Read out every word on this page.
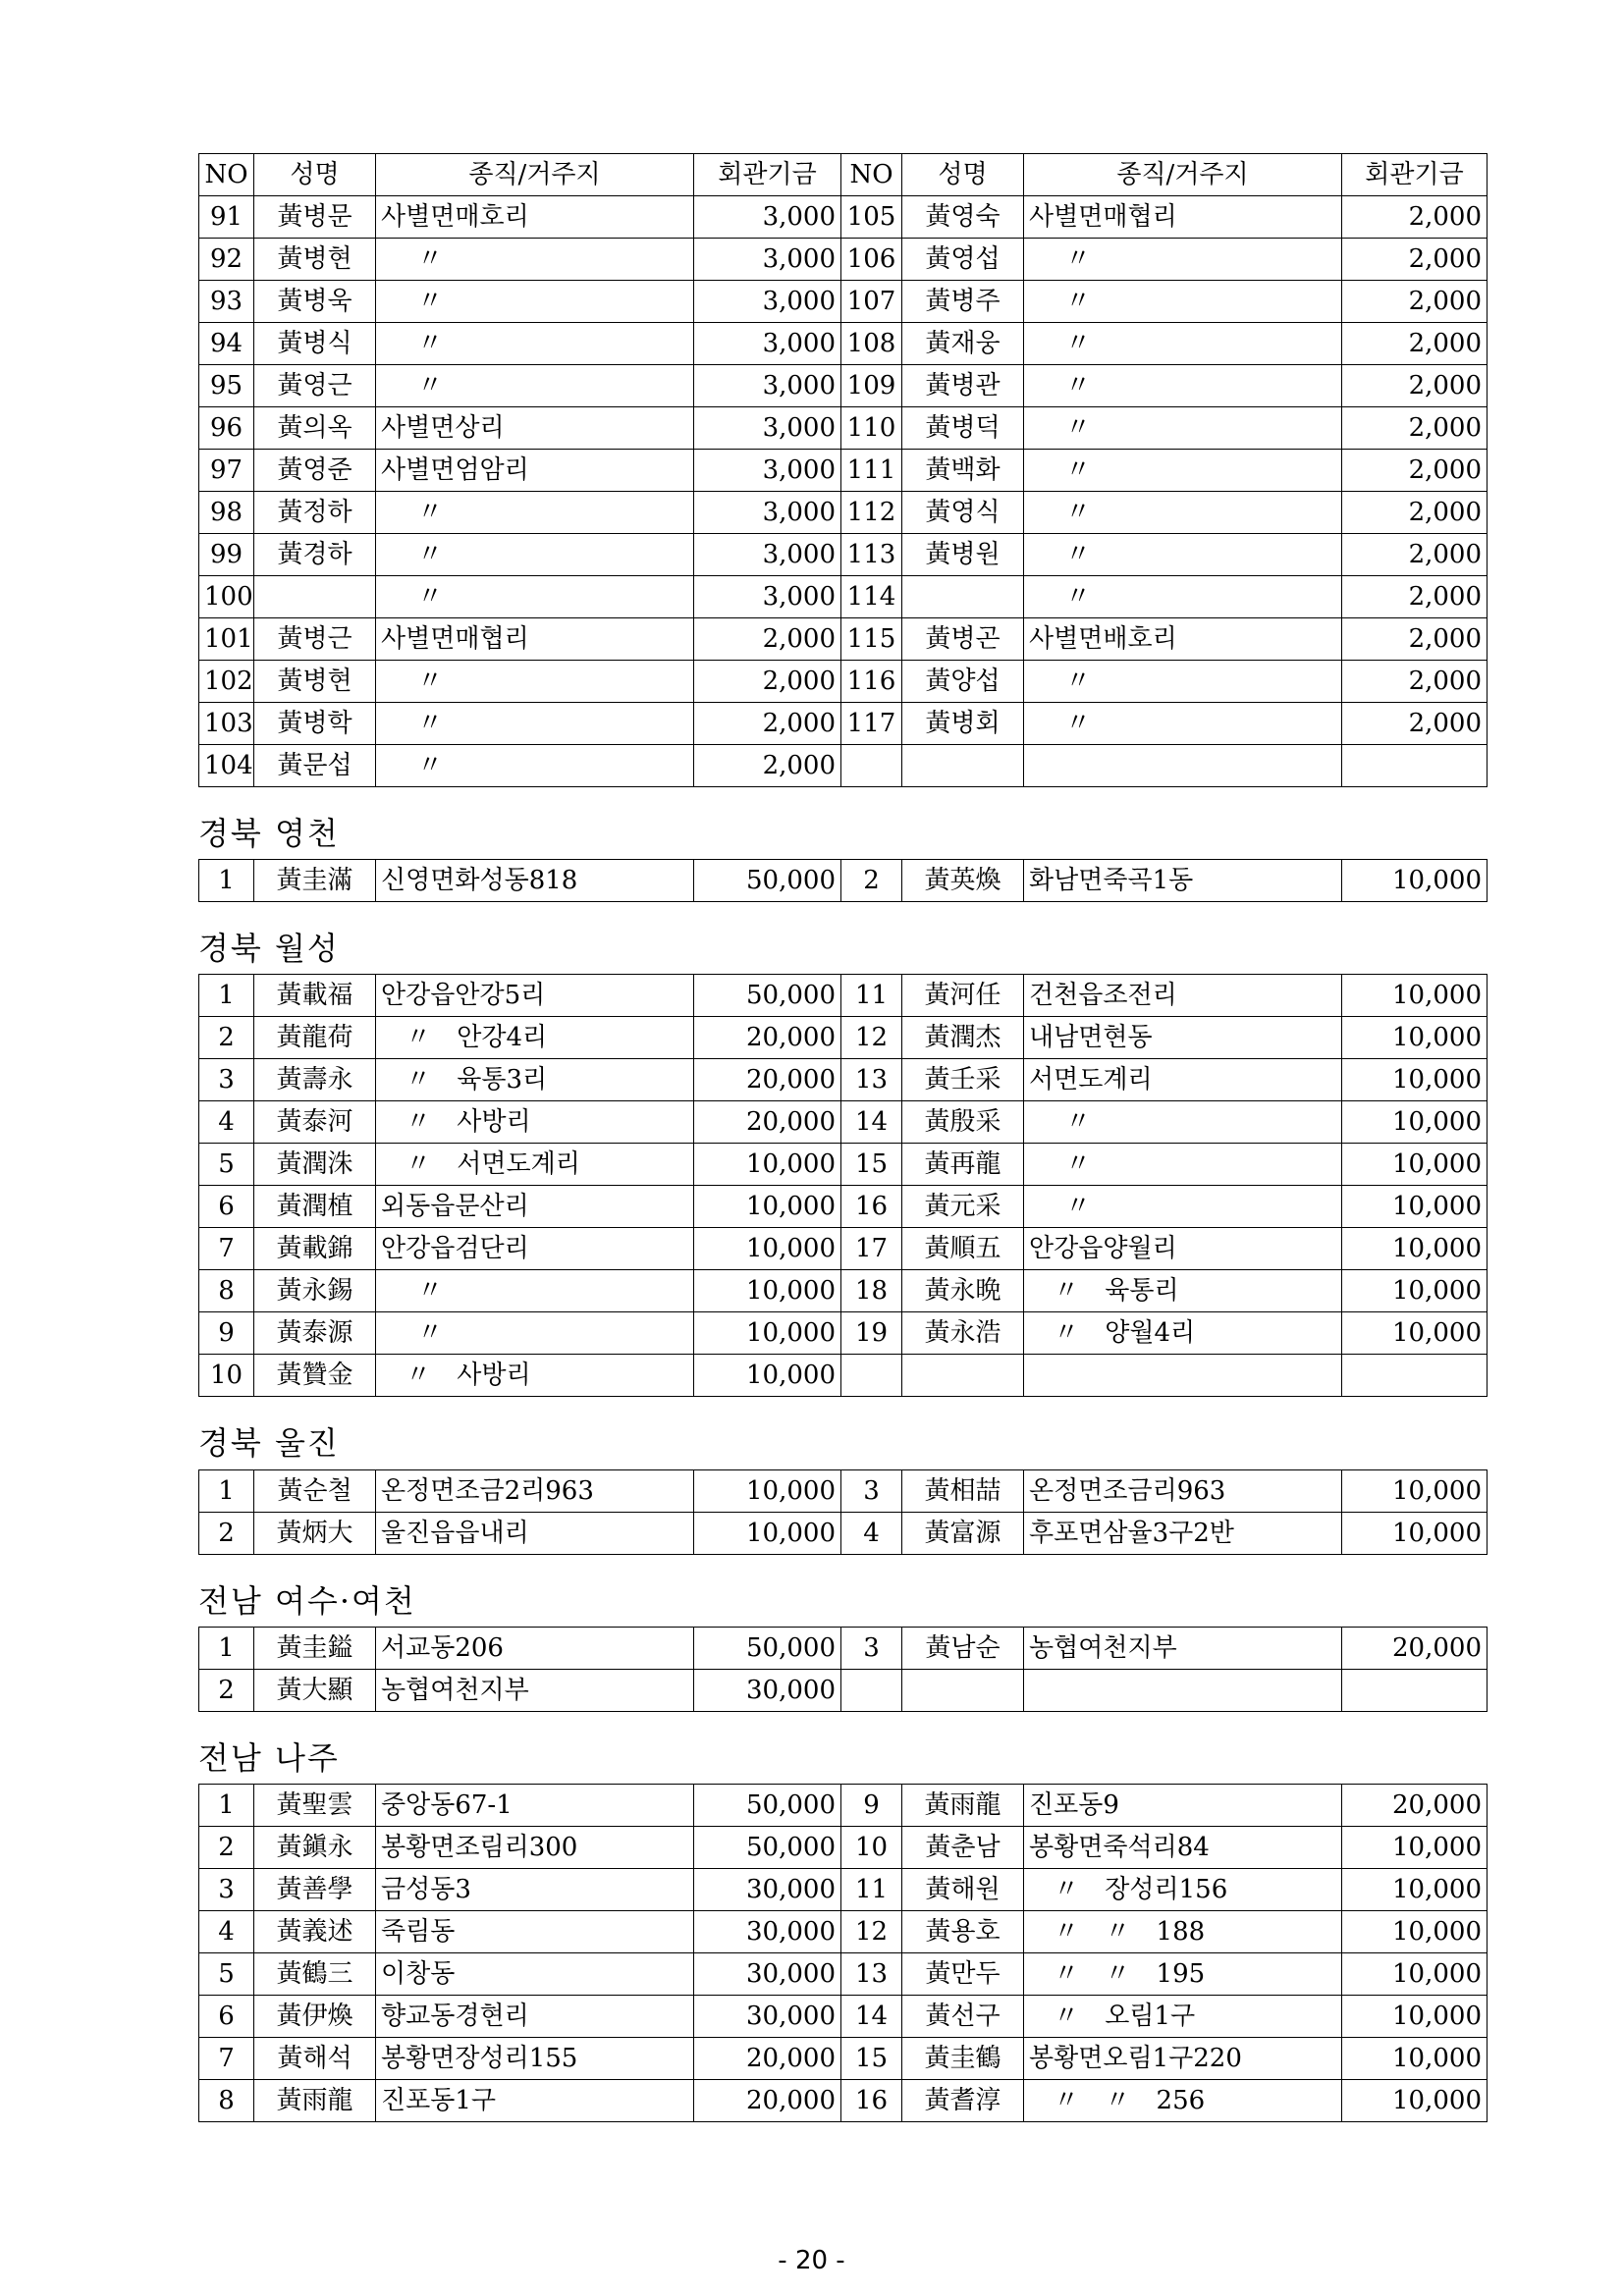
NO	성명	종직/거주지	회관기금	NO	성명	종직/거주지	회관기금
91	黃병문	사별면매호리	3,000	105	黃영숙	사별면매협리	2,000
92	黃병현	〃	3,000	106	黃영섭	〃	2,000
93	黃병욱	〃	3,000	107	黃병주	〃	2,000
94	黃병식	〃	3,000	108	黃재웅	〃	2,000
95	黃영근	〃	3,000	109	黃병관	〃	2,000
96	黃의옥	사별면상리	3,000	110	黃병덕	〃	2,000
97	黃영준	사별면엄암리	3,000	111	黃백화	〃	2,000
98	黃정하	〃	3,000	112	黃영식	〃	2,000
99	黃경하	〃	3,000	113	黃병원	〃	2,000
100		〃	3,000	114		〃	2,000
101	黃병근	사별면매협리	2,000	115	黃병곤	사별면배호리	2,000
102	黃병현	〃	2,000	116	黃양섭	〃	2,000
103	黃병학	〃	2,000	117	黃병회	〃	2,000
104	黃문섭	〃	2,000				
경북 영천
1	黃圭滿	신영면화성동818	50,000	2	黃英煥	화남면죽곡1동	10,000
경북 월성
1	黃載福	안강읍안강5리	50,000	11	黃河任	건천읍조전리	10,000
2	黃龍荷	〃 안강4리	20,000	12	黃潤杰	내남면현동	10,000
3	黃壽永	〃 육통3리	20,000	13	黃壬采	서면도계리	10,000
4	黃泰河	〃 사방리	20,000	14	黃殷采	〃	10,000
5	黃潤洙	〃 서면도계리	10,000	15	黃再龍	〃	10,000
6	黃潤植	외동읍문산리	10,000	16	黃元采	〃	10,000
7	黃載錦	안강읍검단리	10,000	17	黃順五	안강읍양월리	10,000
8	黃永錫	〃	10,000	18	黃永晩	〃 육통리	10,000
9	黃泰源	〃	10,000	19	黃永浩	〃 양월4리	10,000
10	黃贊金	〃 사방리	10,000				
경북 울진
1	黃순철	온정면조금2리963	10,000	3	黃相喆	온정면조금리963	10,000
2	黃炳大	울진읍읍내리	10,000	4	黃富源	후포면삼율3구2반	10,000
전남 여수·여천
1	黃圭鎰	서교동206	50,000	3	黃남순	농협여천지부	20,000
2	黃大顯	농협여천지부	30,000				
전남 나주
1	黃聖雲	중앙동67-1	50,000	9	黃雨龍	진포동9	20,000
2	黃鎭永	봉황면조림리300	50,000	10	黃춘남	봉황면죽석리84	10,000
3	黃善學	금성동3	30,000	11	黃해원	〃 장성리156	10,000
4	黃義述	죽림동	30,000	12	黃용호	〃 〃 188	10,000
5	黃鶴三	이창동	30,000	13	黃만두	〃 〃 195	10,000
6	黃伊煥	향교동경현리	30,000	14	黃선구	〃 오림1구	10,000
7	黃해석	봉황면장성리155	20,000	15	黃圭鶴	봉황면오림1구220	10,000
8	黃雨龍	진포동1구	20,000	16	黃耆淳	〃 〃 256	10,000
- 20 -
